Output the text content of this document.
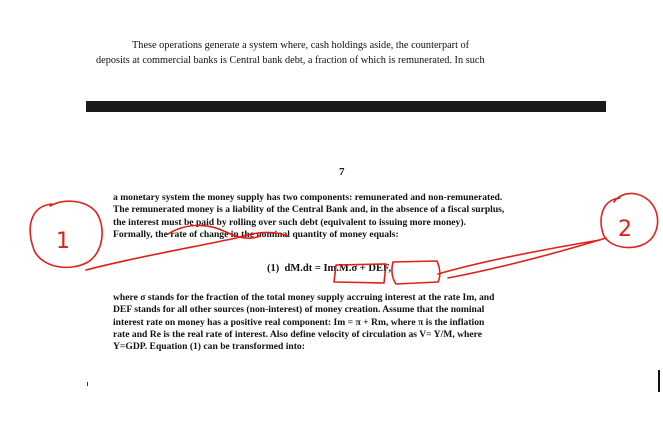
These operations generate a system where, cash holdings aside, the counterpart of
deposits at commercial banks is Central bank debt, a fraction of which is remunerated. In such
7
a monetary system the money supply has two components: remunerated and non-remunerated.
The remunerated money is a liability of the Central Bank and, in the absence of a fiscal surplus,
the interest must be paid by rolling over such debt (equivalent to issuing more money).
Formally, the rate of change in the nominal quantity of money equals:
(1) dM.dt = Im.M.σ + DEF,
where σ stands for the fraction of the total money supply accruing interest at the rate Im, and
DEF stands for all other sources (non-interest) of money creation. Assume that the nominal
interest rate on money has a positive real component: Im = π + Rm, where π is the inflation
rate and Re is the real rate of interest. Also define velocity of circulation as V= Y/M, where
Y=GDP. Equation (1) can be transformed into:
1	2
